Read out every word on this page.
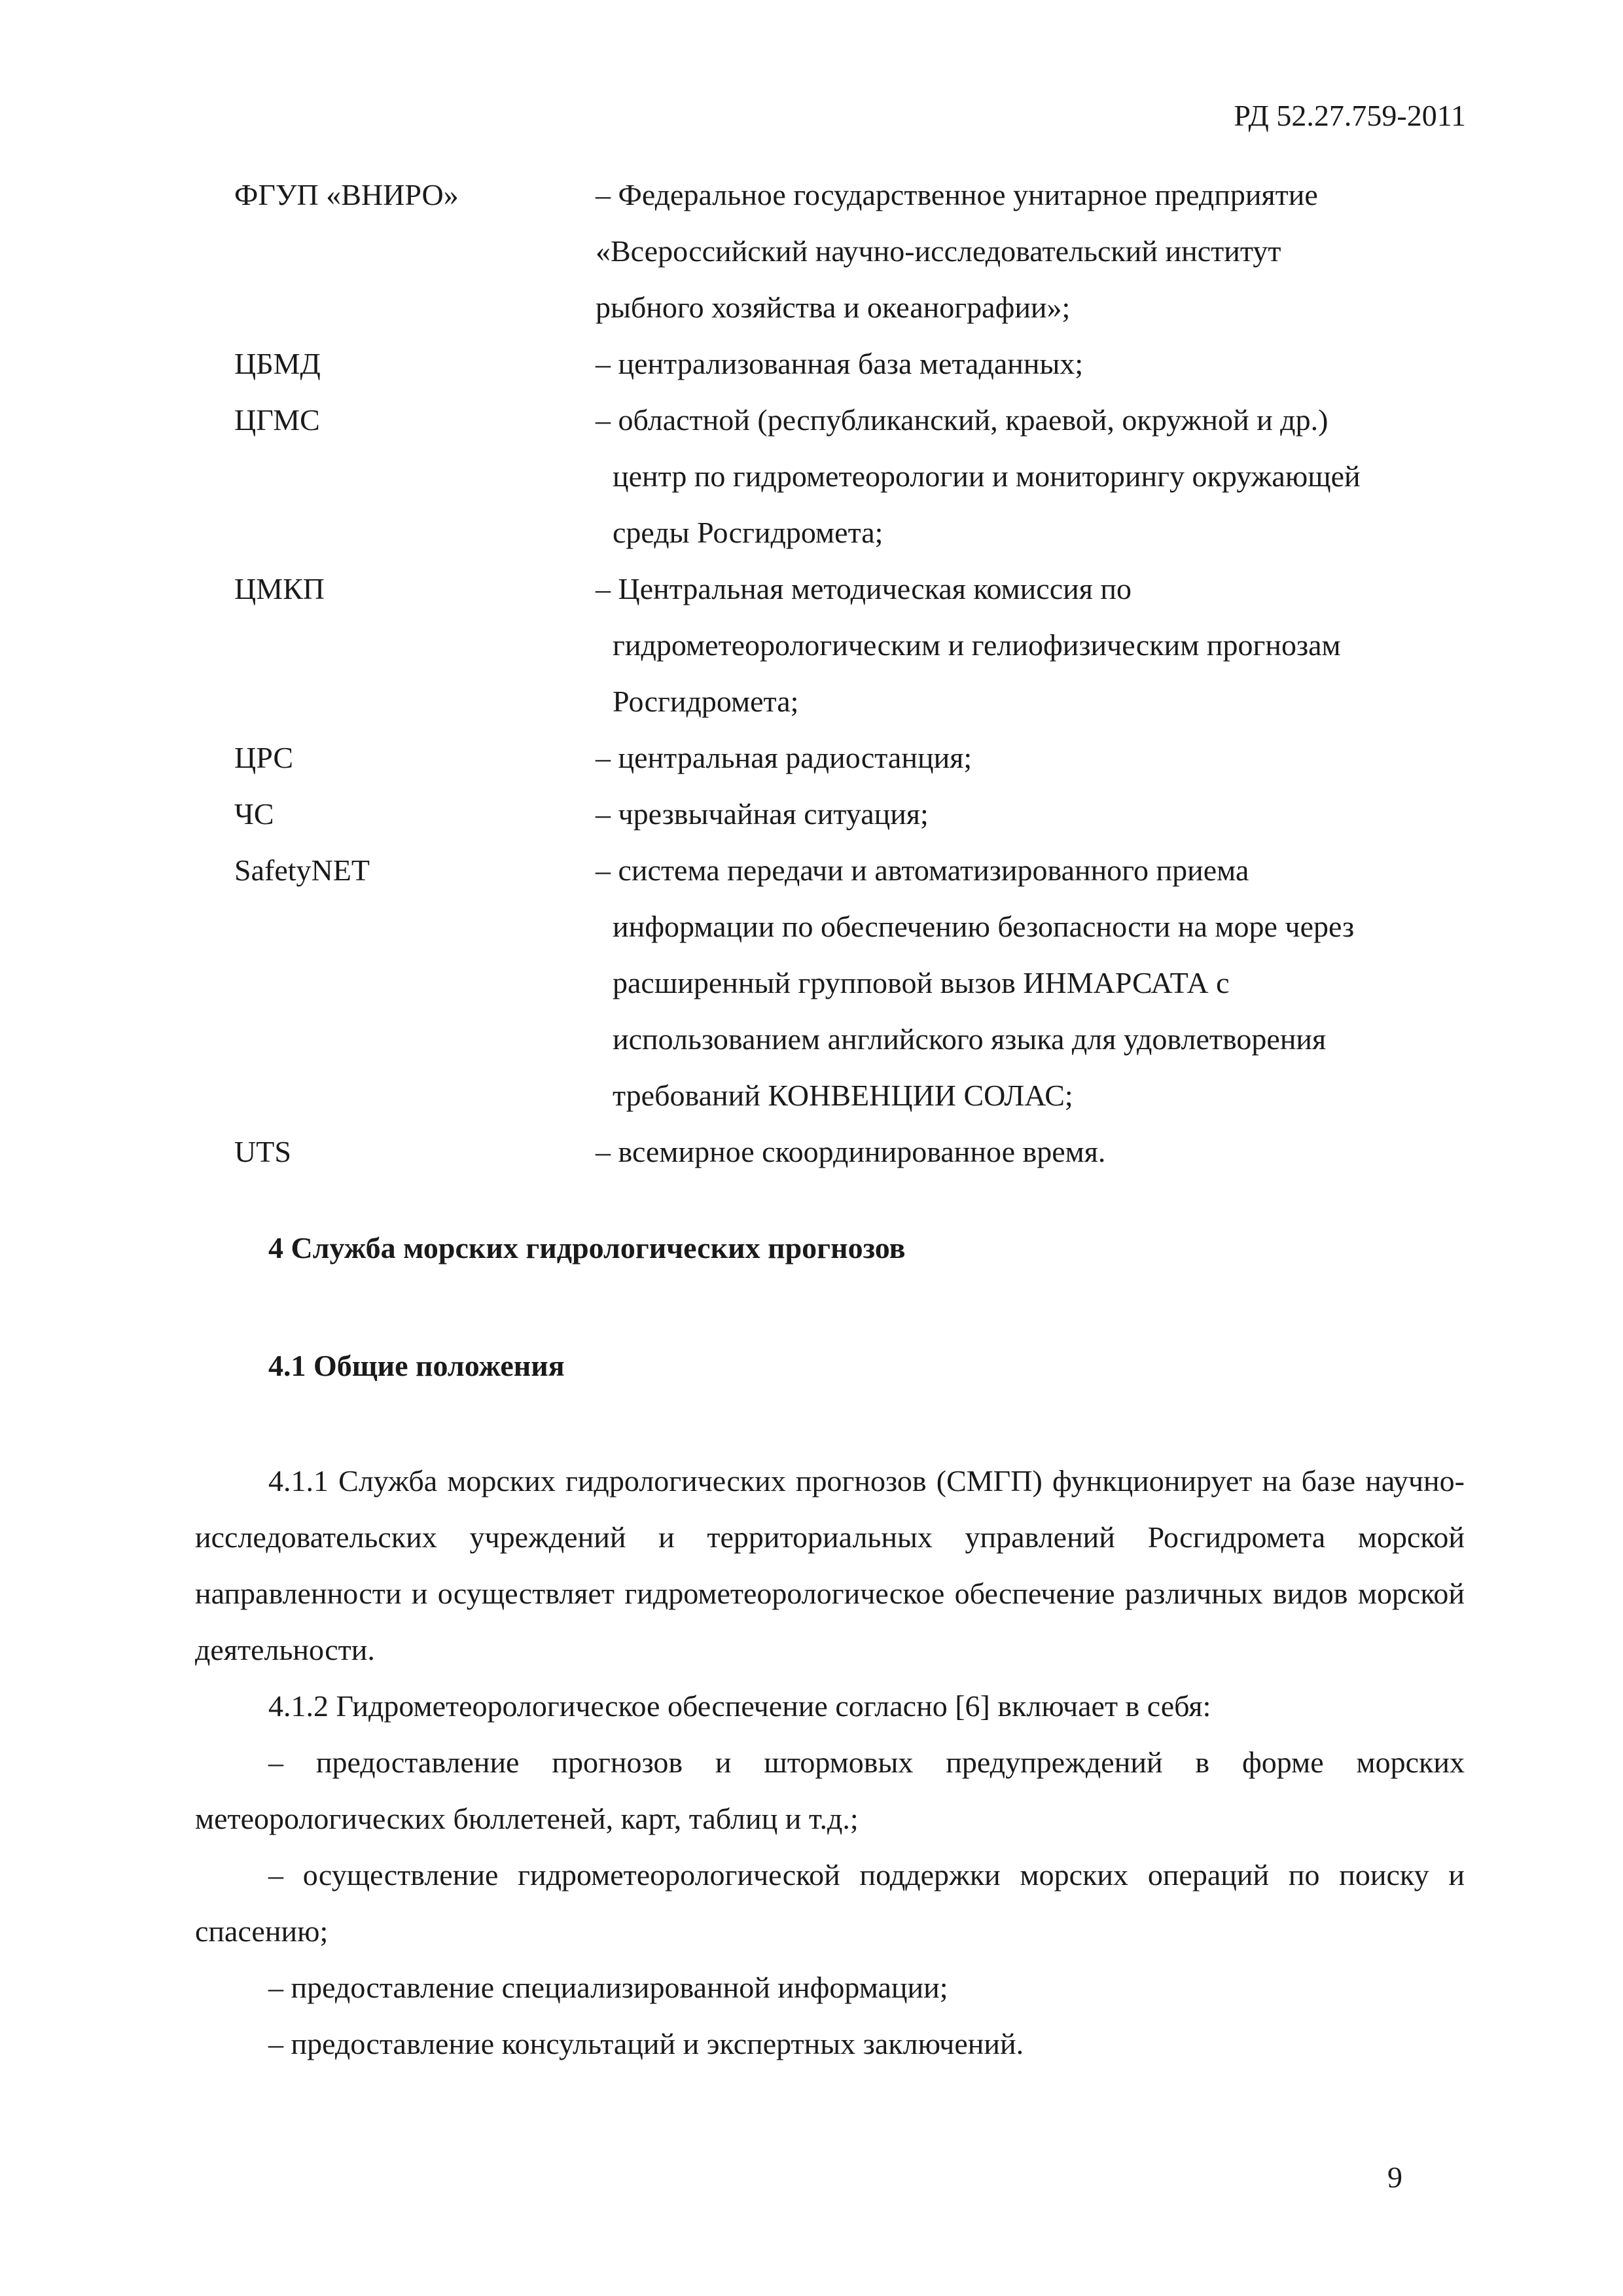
РД 52.27.759-2011
ФГУП «ВНИРО»	– Федеральное государственное унитарное предприятие
«Всероссийский научно-исследовательский институт
рыбного хозяйства и океанографии»;
ЦБМД	– централизованная база метаданных;
ЦГМС	– областной (республиканский, краевой, окружной и др.)
центр по гидрометеорологии и мониторингу окружающей
среды Росгидромета;
ЦМКП	– Центральная методическая комиссия по
гидрометеорологическим и гелиофизическим прогнозам
Росгидромета;
ЦРС	– центральная радиостанция;
ЧС	– чрезвычайная ситуация;
SafetyNET	– система передачи и автоматизированного приема
информации по обеспечению безопасности на море через
расширенный групповой вызов ИНМАРСАТА с
использованием английского языка для удовлетворения
требований КОНВЕНЦИИ СОЛАС;
UTS	– всемирное скоординированное время.
4 Служба морских гидрологических прогнозов
4.1 Общие положения

4.1.1 Служба морских гидрологических прогнозов (СМГП) функционирует на базе научно-исследовательских учреждений и территориальных управлений Росгидромета морской направленности и осуществляет гидрометеорологическое обеспечение различных видов морской деятельности.

4.1.2 Гидрометеорологическое обеспечение согласно [6] включает в себя:

– предоставление прогнозов и штормовых предупреждений в форме морских метеорологических бюллетеней, карт, таблиц и т.д.;

– осуществление гидрометеорологической поддержки морских операций по поиску и спасению;

– предоставление специализированной информации;

– предоставление консультаций и экспертных заключений.

9
